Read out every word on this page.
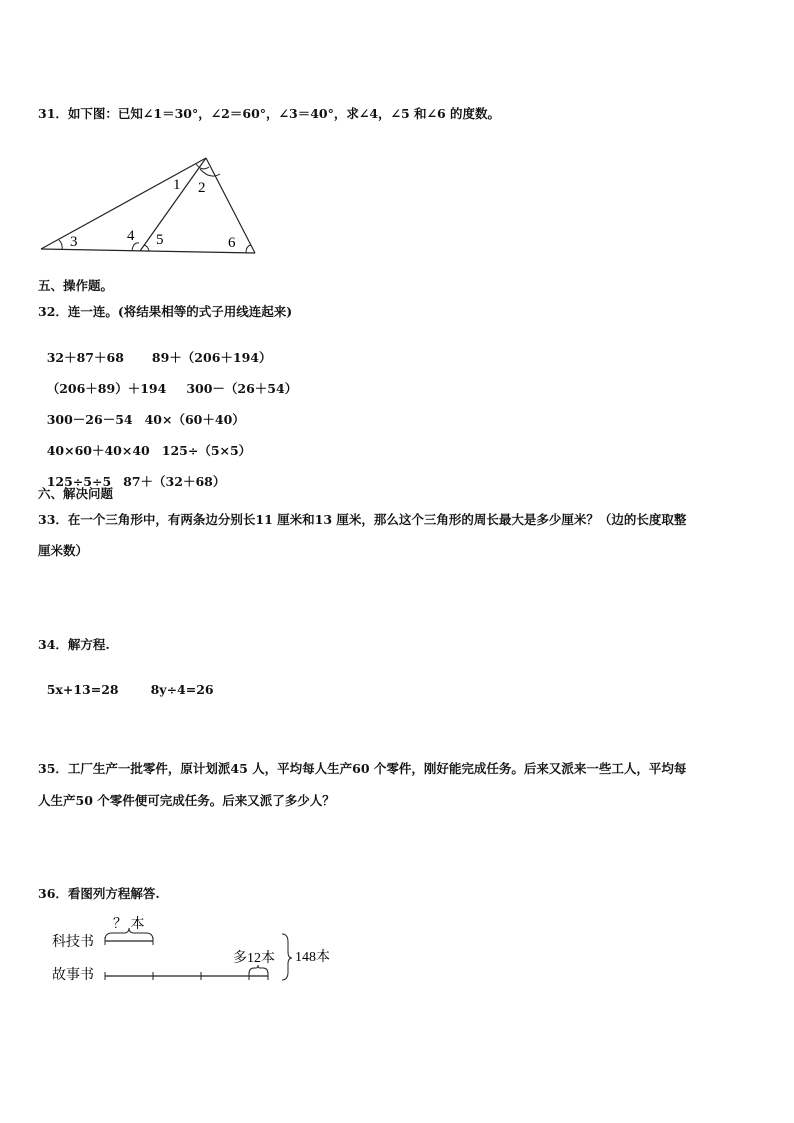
31．如下图：已知∠1＝30°，∠2＝60°，∠3＝40°，求∠4，∠5 和∠6 的度数。
1 2
3	4 5	6
五、操作题。
32．连一连。(将结果相等的式子用线连起来)

32＋87＋68 89＋（206＋194）

（206＋89）＋194 300－（26＋54）

300－26－54 40×（60＋40）

40×60＋40×40 125÷（5×5）

125÷5÷5 87＋（32＋68）

六、解决问题
33．在一个三角形中，有两条边分别长11 厘米和13 厘米，那么这个三角形的周长最大是多少厘米？（边的长度取整
厘米数）
34．解方程.

5x+13=28	8y÷4=26

35．工厂生产一批零件，原计划派45 人，平均每人生产60 个零件，刚好能完成任务。后来又派来一些工人，平均每
人生产50 个零件便可完成任务。后来又派了多少人？
36．看图列方程解答.
科技书
故事书
？ 本
多12本 148本
